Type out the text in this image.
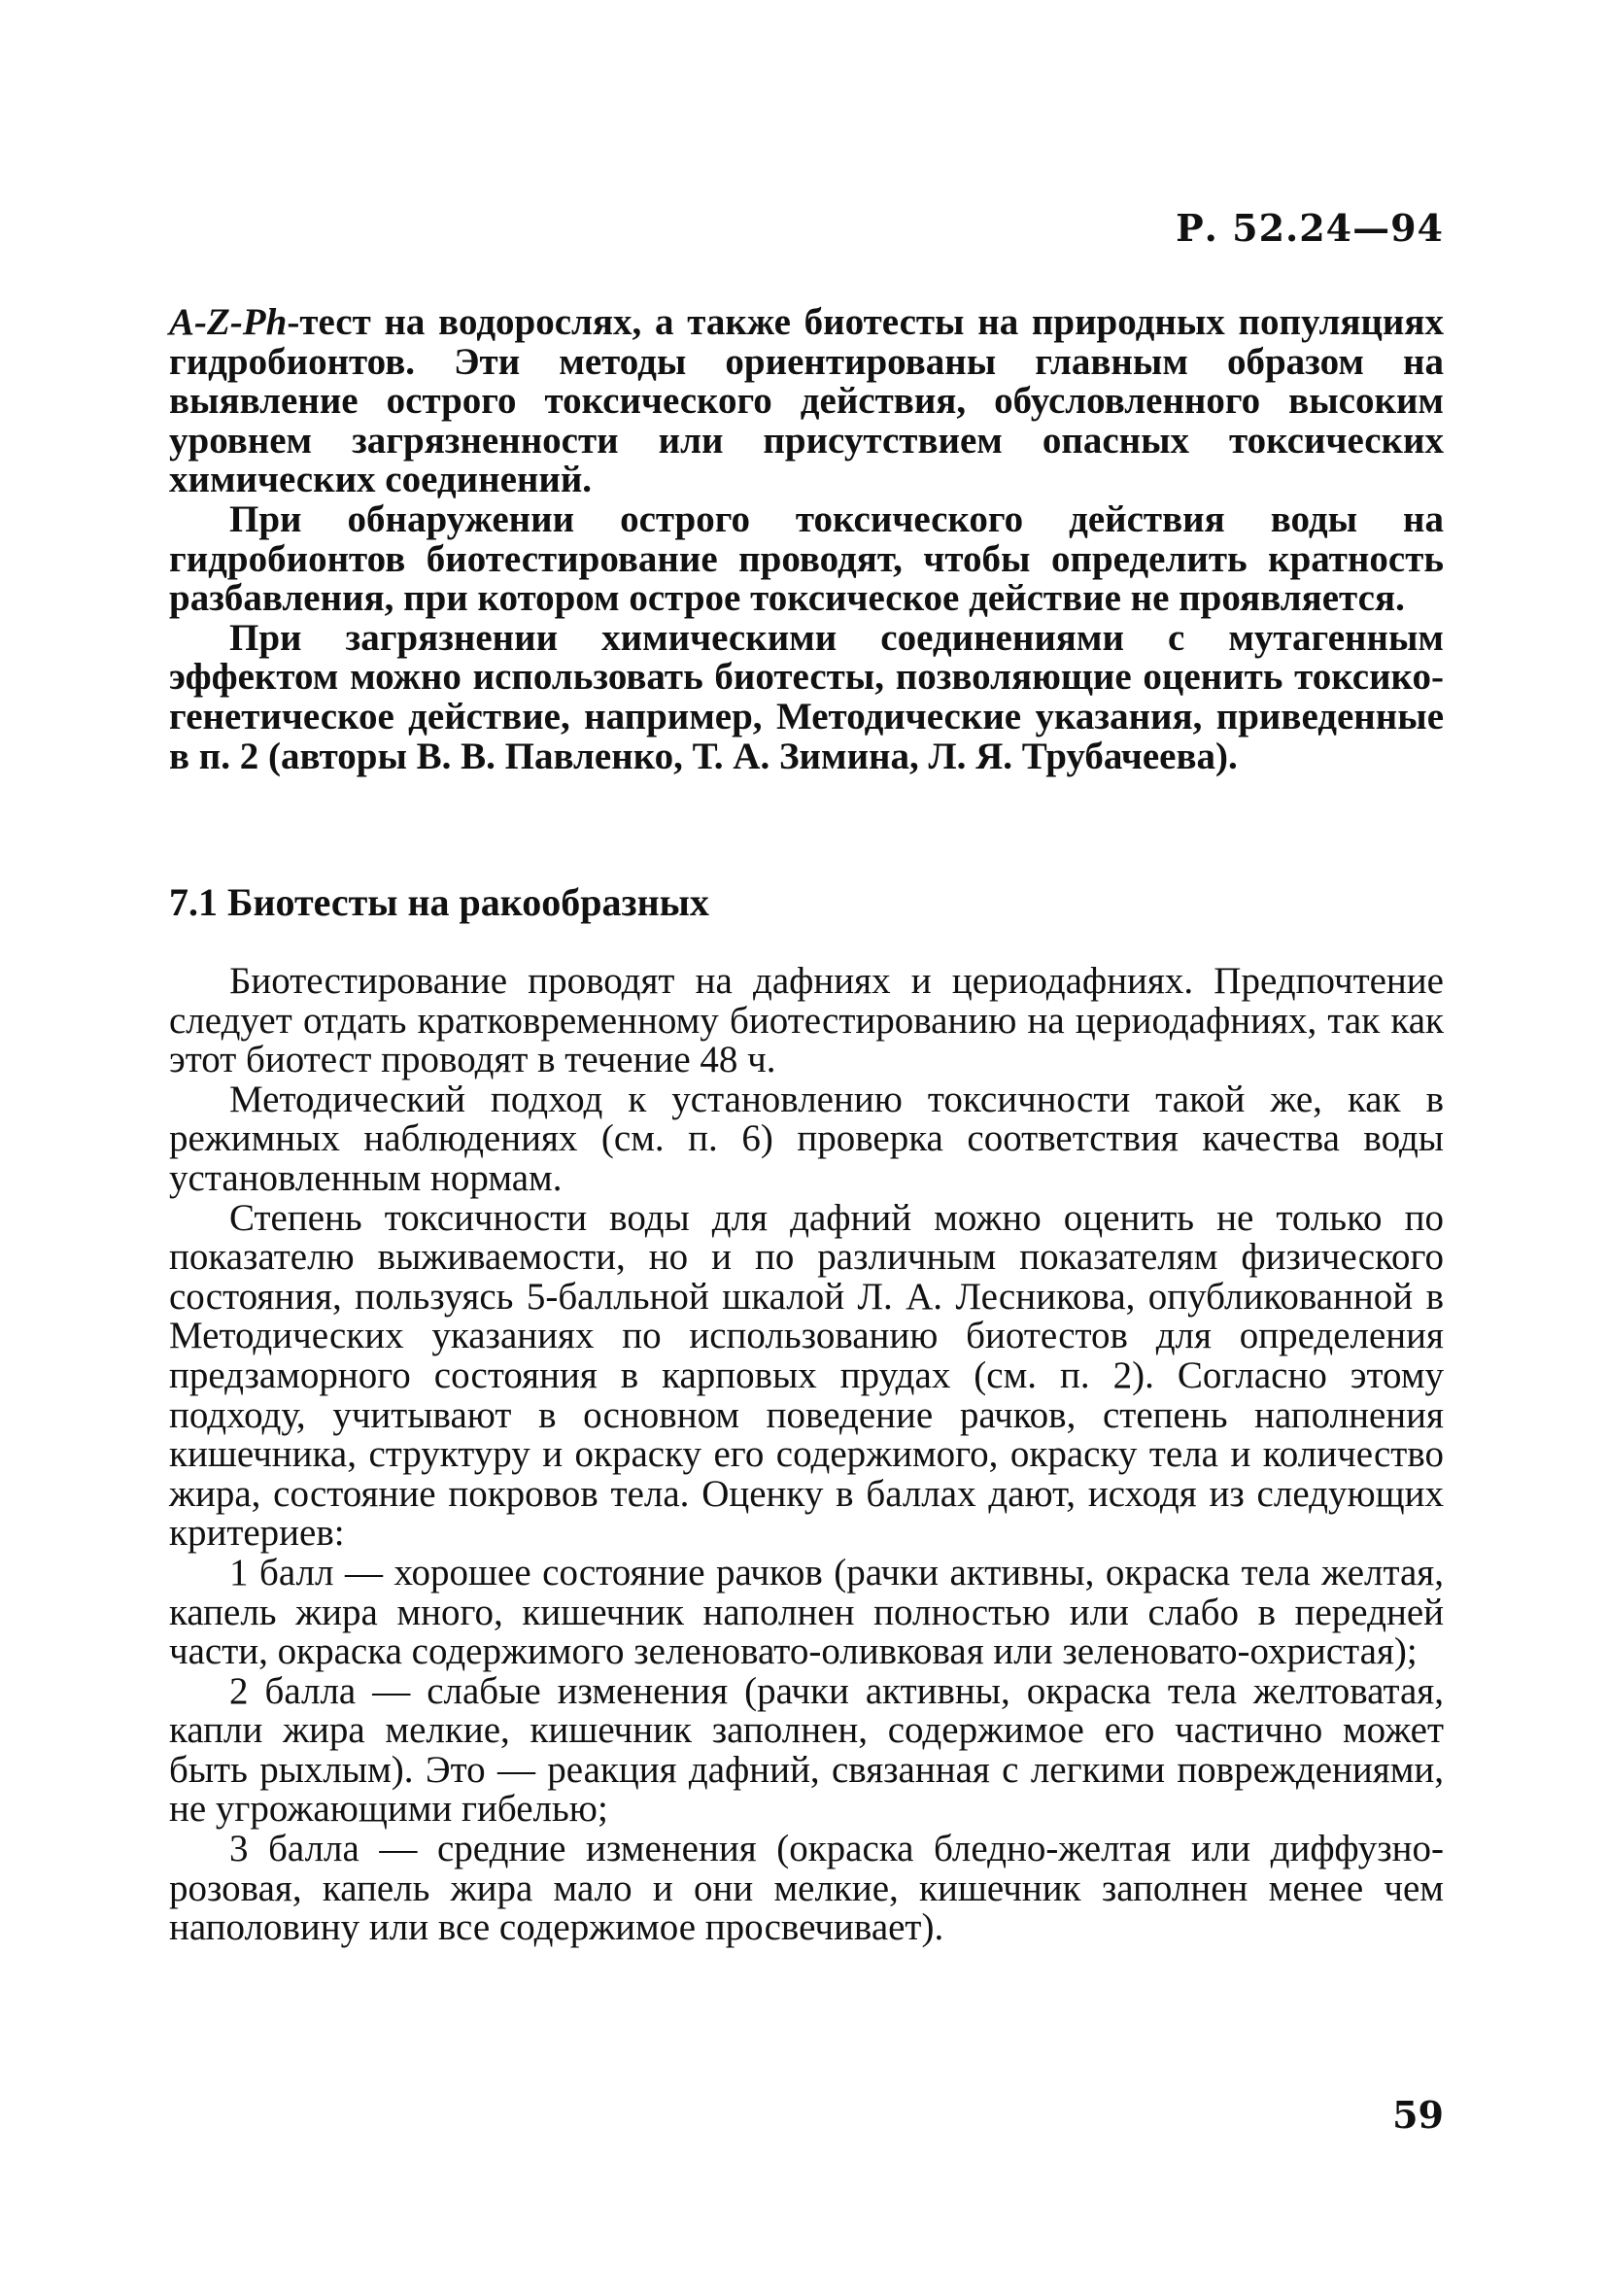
Р. 52.24—94

A-Z-Ph-тест на водорослях, а также биотесты на природных популяциях гидробионтов. Эти методы ориентированы главным образом на выявление острого токсического действия, обусловленного высоким уровнем загрязненности или присутствием опасных токсических химических соединений.

При обнаружении острого токсического действия воды на гидробионтов биотестирование проводят, чтобы определить кратность разбавления, при котором острое токсическое действие не проявляется.

При загрязнении химическими соединениями с мутагенным эффектом можно использовать биотесты, позволяющие оценить токсико-генетическое действие, например, Методические указания, приведенные в п. 2 (авторы В. В. Павленко, Т. А. Зимина, Л. Я. Трубачеева).

7.1 Биотесты на ракообразных

Биотестирование проводят на дафниях и цериодафниях. Предпочтение следует отдать кратковременному биотестированию на цериодафниях, так как этот биотест проводят в течение 48 ч.

Методический подход к установлению токсичности такой же, как в режимных наблюдениях (см. п. 6) проверка соответствия качества воды установленным нормам.

Степень токсичности воды для дафний можно оценить не только по показателю выживаемости, но и по различным показателям физического состояния, пользуясь 5-балльной шкалой Л. А. Лесникова, опубликованной в Методических указаниях по использованию биотестов для определения предзаморного состояния в карповых прудах (см. п. 2). Согласно этому подходу, учитывают в основном поведение рачков, степень наполнения кишечника, структуру и окраску его содержимого, окраску тела и количество жира, состояние покровов тела. Оценку в баллах дают, исходя из следующих критериев:

1 балл — хорошее состояние рачков (рачки активны, окраска тела желтая, капель жира много, кишечник наполнен полностью или слабо в передней части, окраска содержимого зеленовато-оливковая или зеленовато-охристая);

2 балла — слабые изменения (рачки активны, окраска тела желтоватая, капли жира мелкие, кишечник заполнен, содержимое его частично может быть рыхлым). Это — реакция дафний, связанная с легкими повреждениями, не угрожающими гибелью;

3 балла — средние изменения (окраска бледно-желтая или диффузно-розовая, капель жира мало и они мелкие, кишечник заполнен менее чем наполовину или все содержимое просвечивает).

59
